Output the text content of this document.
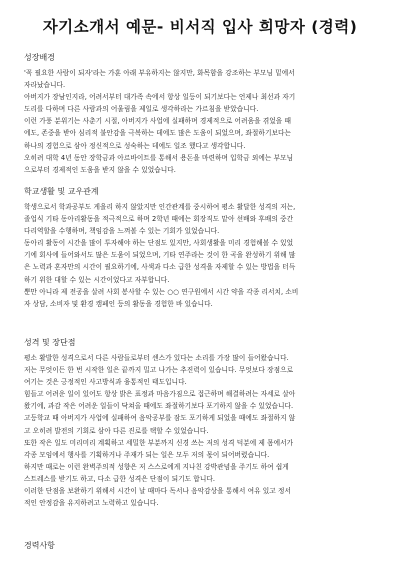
자기소개서 예문- 비서직 입사 희망자 (경력)
성장배경
'꼭 필요한 사람이 되자'라는 가훈 아래 부유하지는 않지만, 화목함을 강조하는 부모님 밑에서
자라났습니다.
아버지가 장남인지라, 어려서부터 대가족 속에서 항상 일등이 되기보다는 언제나 최선과 자기
도리를 다하며 다른 사람과의 어울림을 제일로 생각하라는 가르침을 받았습니다.
이런 가풍 분위기는 사춘기 시절, 아버지가 사업에 실패하며 경제적으로 어려움을 겪었을 때
에도, 존중을 받아 심리적 불안감을 극복하는 데에도 많은 도움이 되었으며, 좌절하기보다는
하나의 경험으로 삼아 정신적으로 성숙하는 데에도 일조 했다고 생각합니다.
오히려 대학 4년 동안 장학금과 아르바이트를 통해서 용돈을 마련하며 입학금 외에는 부모님
으로부터 경제적인 도움을 받지 않을 수 있었습니다.
학교생활 및 교우관계
학생으로서 학과공부도 게을리 하지 않았지만 인간관계를 중시하여 평소 활달한 성격의 저는,
졸업식 기타 동아리활동을 적극적으로 하며 2학년 때에는 회장직도 맡아 선배와 후배의 중간
다리역할을 수행하며, 책임감을 느껴볼 수 있는 기회가 있었습니다.
동아리 활동이 시간을 많이 투자해야 하는 단점도 있지만, 사회생활을 미리 경험해볼 수 있었
기에 회사에 들어와서도 많은 도움이 되었으며, 기타 연주라는 것이 한 곡을 완성하기 위해 많
은 노력과 혼자만의 시간이 필요하기에, 사색과 다소 급한 성격을 자제할 수 있는 방법을 터득
하기 위한 대할 수 있는 시간이었다고 자부합니다.
뿐만 아니라 제 전공을 살려 사회 봉사할 수 있는 ○○ 연구원에서 시간 약을 각종 리서치, 소비
자 상담, 소비자 및 환경 캠페인 등의 활동을 경험한 바 있습니다.
성격 및 장단점
평소 활발한 성격으로서 다른 사람들로부터 센스가 있다는 소리를 가장 많이 들어왔습니다.
저는 무엇이든 한 번 시작한 일은 끝까지 밀고 나가는 추진력이 있습니다. 무엇보다 장점으로
여기는 것은 긍정적인 사고방식과 융통적인 태도입니다.
힘들고 어려운 일이 있어도 항상 밝은 표정과 마음가짐으로 접근하며 해결하려는 자세로 살아
왔기에, 과감 작은 어려운 일들이 닥쳐올 때에도 좌절하기보다 포기하지 않을 수 있었습니다.
고등학교 때 아버지가 사업에 실패하여 음악공부를 잠도 포기하게 되었을 때에도 좌절하지 않
고 오히려 발전의 기회로 삼아 다른 진로를 택할 수 있었습니다.
또한 작은 일도 미리미리 계획하고 세밀한 부분까지 신경 쓰는 저의 성격 덕분에 제 몸에서가
각종 모임에서 행사를 기획하거나 주재가 되는 일은 모두 저의 몫이 되어버렸습니다.
하지만 때로는 이런 완벽주의적 성향은 저 스스로에게 지나친 강박관념을 주기도 하여 쉽게
스트레스를 받기도 하고, 다소 급한 성격은 단점이 되기도 합니다.
이러한 단점을 보완하기 위해서 시간이 날 때마다 독서나 음악감상을 통해서 여유 있고 정서
적인 안정감을 유지하려고 노력하고 있습니다.
경력사항
